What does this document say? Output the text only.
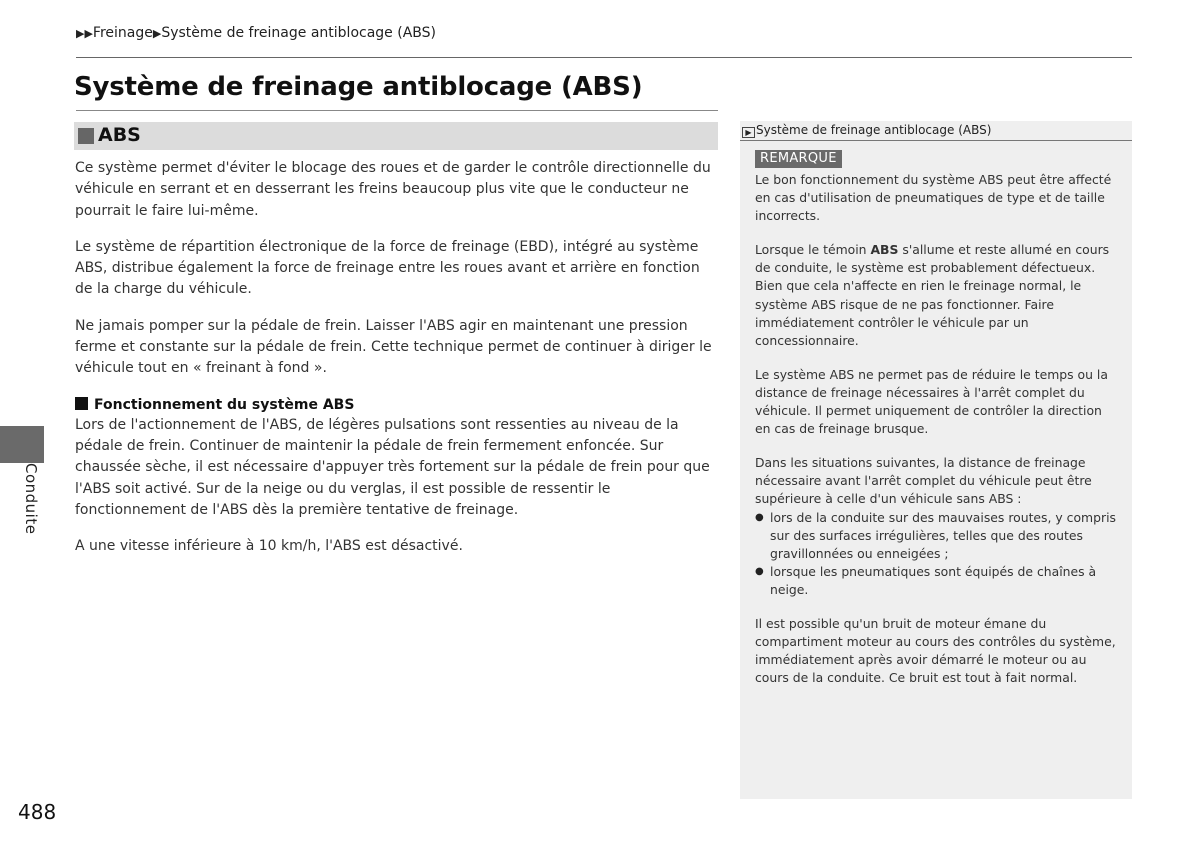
▶▶Freinage▶Système de freinage antiblocage (ABS)
Système de freinage antiblocage (ABS)
ABS

Ce système permet d'éviter le blocage des roues et de garder le contrôle directionnelle du véhicule en serrant et en desserrant les freins beaucoup plus vite que le conducteur ne pourrait le faire lui-même.

Le système de répartition électronique de la force de freinage (EBD), intégré au système ABS, distribue également la force de freinage entre les roues avant et arrière en fonction de la charge du véhicule.

Ne jamais pomper sur la pédale de frein. Laisser l'ABS agir en maintenant une pression ferme et constante sur la pédale de frein. Cette technique permet de continuer à diriger le véhicule tout en « freinant à fond ».

Fonctionnement du système ABS

Lors de l'actionnement de l'ABS, de légères pulsations sont ressenties au niveau de la pédale de frein. Continuer de maintenir la pédale de frein fermement enfoncée. Sur chaussée sèche, il est nécessaire d'appuyer très fortement sur la pédale de frein pour que l'ABS soit activé. Sur de la neige ou du verglas, il est possible de ressentir le fonctionnement de l'ABS dès la première tentative de freinage.

A une vitesse inférieure à 10 km/h, l'ABS est désactivé.

▶ Système de freinage antiblocage (ABS)
REMARQUE

Le bon fonctionnement du système ABS peut être affecté en cas d'utilisation de pneumatiques de type et de taille incorrects.

Lorsque le témoin ABS s'allume et reste allumé en cours de conduite, le système est probablement défectueux.
Bien que cela n'affecte en rien le freinage normal, le système ABS risque de ne pas fonctionner. Faire immédiatement contrôler le véhicule par un concessionnaire.

Le système ABS ne permet pas de réduire le temps ou la distance de freinage nécessaires à l'arrêt complet du véhicule. Il permet uniquement de contrôler la direction en cas de freinage brusque.

Dans les situations suivantes, la distance de freinage nécessaire avant l'arrêt complet du véhicule peut être supérieure à celle d'un véhicule sans ABS :
● lors de la conduite sur des mauvaises routes, y compris sur des surfaces irrégulières, telles que des routes gravillonnées ou enneigées ;
● lorsque les pneumatiques sont équipés de chaînes à neige.

Il est possible qu'un bruit de moteur émane du compartiment moteur au cours des contrôles du système, immédiatement après avoir démarré le moteur ou au cours de la conduite. Ce bruit est tout à fait normal.

Conduite
488
